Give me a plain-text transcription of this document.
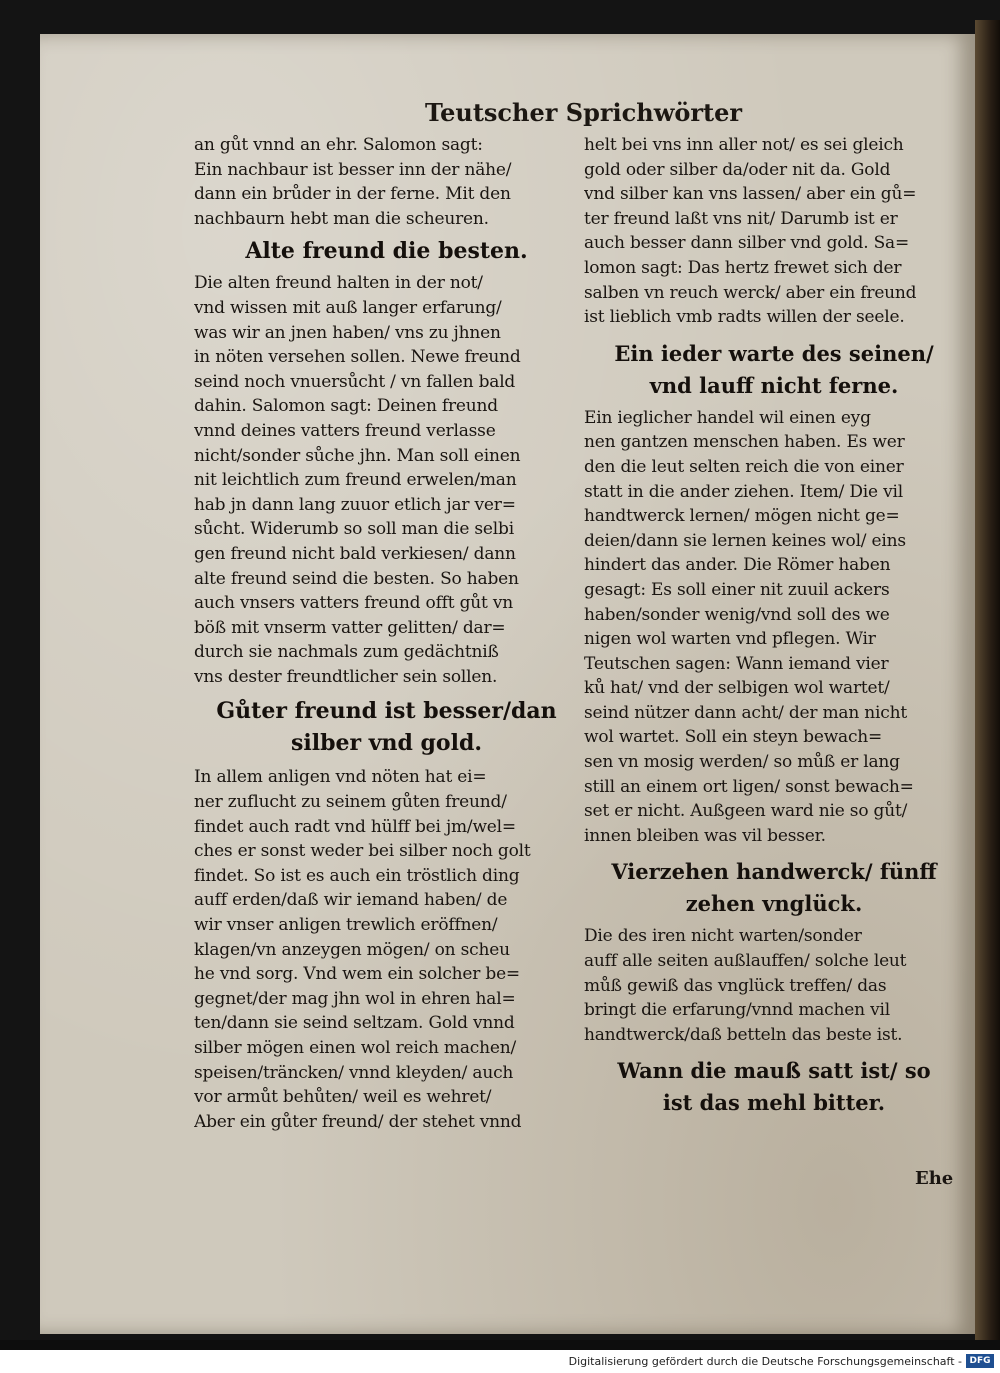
Teutscher Sprichwörter
an gůt vnnd an ehr. Salomon sagt:
Ein nachbaur ist besser inn der nähe/
dann ein brůder in der ferne. Mit den
nachbaurn hebt man die scheuren.
Alte freund die besten.
Die alten freund halten in der not/
vnd wissen mit auß langer erfarung/
was wir an jnen haben/ vns zu jhnen
in nöten versehen sollen. Newe freund
seind noch vnuersůcht / vn fallen bald
dahin. Salomon sagt: Deinen freund
vnnd deines vatters freund verlasse
nicht/sonder sůche jhn. Man soll einen
nit leichtlich zum freund erwelen/man
hab jn dann lang zuuor etlich jar ver=
sůcht. Widerumb so soll man die selbi
gen freund nicht bald verkiesen/ dann
alte freund seind die besten. So haben
auch vnsers vatters freund offt gůt vn
böß mit vnserm vatter gelitten/ dar=
durch sie nachmals zum gedächtniß
vns dester freundtlicher sein sollen.
Gůter freund ist besser/dan
silber vnd gold.
In allem anligen vnd nöten hat ei=
ner zuflucht zu seinem gůten freund/
findet auch radt vnd hülff bei jm/wel=
ches er sonst weder bei silber noch golt
findet. So ist es auch ein tröstlich ding
auff erden/daß wir iemand haben/ de
wir vnser anligen trewlich eröffnen/
klagen/vn anzeygen mögen/ on scheu
he vnd sorg. Vnd wem ein solcher be=
gegnet/der mag jhn wol in ehren hal=
ten/dann sie seind seltzam. Gold vnnd
silber mögen einen wol reich machen/
speisen/träncken/ vnnd kleyden/ auch
vor armůt behůten/ weil es wehret/
Aber ein gůter freund/ der stehet vnnd
helt bei vns inn aller not/ es sei gleich
gold oder silber da/oder nit da. Gold
vnd silber kan vns lassen/ aber ein gů=
ter freund laßt vns nit/ Darumb ist er
auch besser dann silber vnd gold. Sa=
lomon sagt: Das hertz frewet sich der
salben vn reuch werck/ aber ein freund
ist lieblich vmb radts willen der seele.
Ein ieder warte des seinen/
vnd lauff nicht ferne.
Ein ieglicher handel wil einen eyg
nen gantzen menschen haben. Es wer
den die leut selten reich die von einer
statt in die ander ziehen. Item/ Die vil
handtwerck lernen/ mögen nicht ge=
deien/dann sie lernen keines wol/ eins
hindert das ander. Die Römer haben
gesagt: Es soll einer nit zuuil ackers
haben/sonder wenig/vnd soll des we
nigen wol warten vnd pflegen. Wir
Teutschen sagen: Wann iemand vier
ků hat/ vnd der selbigen wol wartet/
seind nützer dann acht/ der man nicht
wol wartet. Soll ein steyn bewach=
sen vn mosig werden/ so můß er lang
still an einem ort ligen/ sonst bewach=
set er nicht. Außgeen ward nie so gůt/
innen bleiben was vil besser.
Vierzehen handwerck/ fünff
zehen vnglück.
Die des iren nicht warten/sonder
auff alle seiten außlauffen/ solche leut
můß gewiß das vnglück treffen/ das
bringt die erfarung/vnnd machen vil
handtwerck/daß betteln das beste ist.
Wann die mauß satt ist/ so
ist das mehl bitter.
Ehe
Digitalisierung gefördert durch die Deutsche Forschungsgemeinschaft - DFG
